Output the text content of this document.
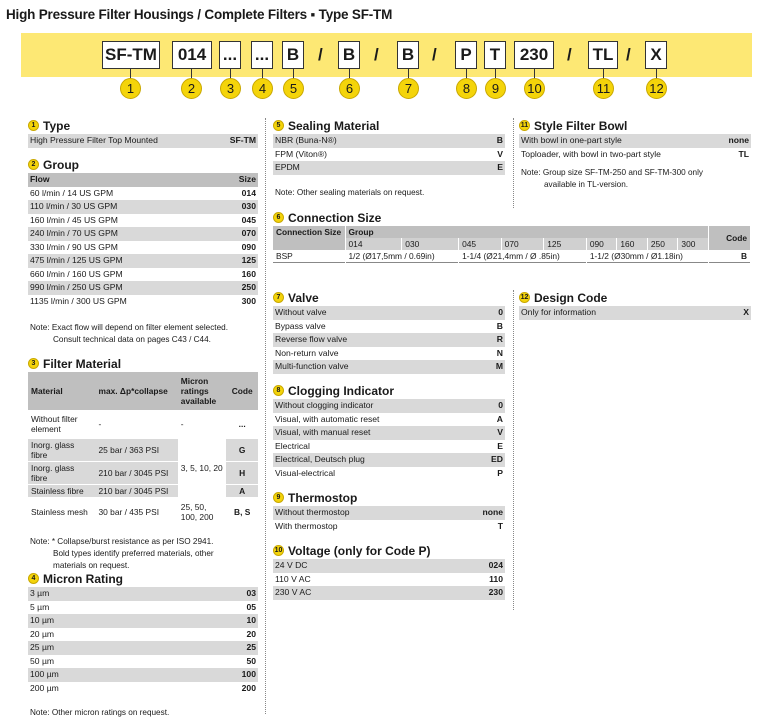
High Pressure Filter Housings / Complete Filters ▪ Type SF-TM
SF-TM	014 ... ... B / B / B /	P	T	230	/ TL /	X
1	2	3	4	5	6	7	8	9	10	11	12
1 Type
High Pressure Filter Top Mounted	SF-TM
2 Group
Flow	Size
60 l/min / 14 US GPM	014
110 l/min / 30 US GPM	030
160 l/min / 45 US GPM	045
240 l/min / 70 US GPM	070
330 l/min / 90 US GPM	090
475 l/min / 125 US GPM	125
660 l/min / 160 US GPM	160
990 l/min / 250 US GPM	250
1135 l/min / 300 US GPM	300
Note: Exact flow will depend on filter element selected.
Consult technical data on pages C43 / C44.
3 Filter Material
Material	max. Δp*collapse	Micron ratings available	Code
Without filter element	-	-	...
Inorg. glass fibre	25 bar / 363 PSI	3, 5, 10, 20	G
Inorg. glass fibre	210 bar / 3045 PSI		H
Stainless fibre	210 bar / 3045 PSI		A
Stainless mesh	30 bar / 435 PSI	25, 50, 100, 200	B, S
Note: * Collapse/burst resistance as per ISO 2941.
Bold types identify preferred materials, other
materials on request.
4 Micron Rating
3 µm	03
5 µm	05
10 µm	10
20 µm	20
25 µm	25
50 µm	50
100 µm	100
200 µm	200
Note: Other micron ratings on request.
5 Sealing Material
NBR (Buna-N®)	B
FPM (Viton®)	V
EPDM	E
Note: Other sealing materials on request.
6 Connection Size
Connection Size	Group									Code
	014	030	045	070	125	090	160	250	300	
BSP	1/2 (Ø17,5mm / 0.69in)		1-1/4 (Ø21,4mm / Ø .85in)			1-1/2 (Ø30mm / Ø1.18in)				B
7 Valve
Without valve	0
Bypass valve	B
Reverse flow valve	R
Non-return valve	N
Multi-function valve	M
8 Clogging Indicator
Without clogging indicator	0
Visual, with automatic reset	A
Visual, with manual reset	V
Electrical	E
Electrical, Deutsch plug	ED
Visual-electrical	P
9 Thermostop
Without thermostop	none
With thermostop	T
10 Voltage (only for Code P)
24 V DC	024
110 V AC	110
230 V AC	230
11 Style Filter Bowl
With bowl in one-part style	none
Toploader, with bowl in two-part style	TL
Note: Group size SF-TM-250 and SF-TM-300 only
available in TL-version.
12 Design Code
Only for information	X
